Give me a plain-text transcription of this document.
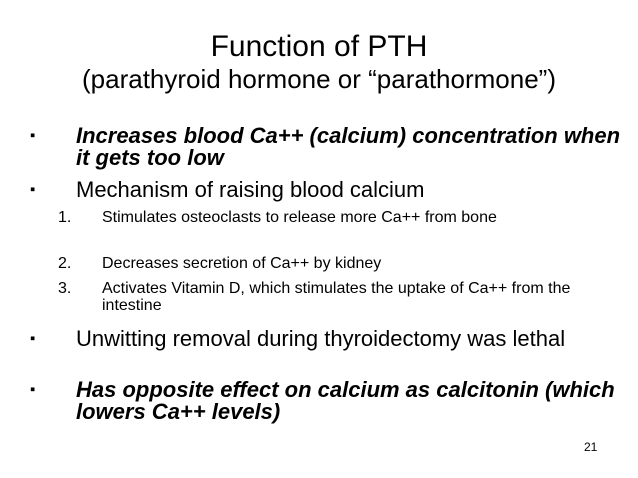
Function of PTH
(parathyroid hormone or “parathormone”)
▪ Increases blood Ca++ (calcium) concentration when it gets too low
▪ Mechanism of raising blood calcium
1. Stimulates osteoclasts to release more Ca++ from bone
2. Decreases secretion of Ca++ by kidney
3. Activates Vitamin D, which stimulates the uptake of Ca++ from the intestine
▪ Unwitting removal during thyroidectomy was lethal
▪ Has opposite effect on calcium as calcitonin (which lowers Ca++ levels)
21
